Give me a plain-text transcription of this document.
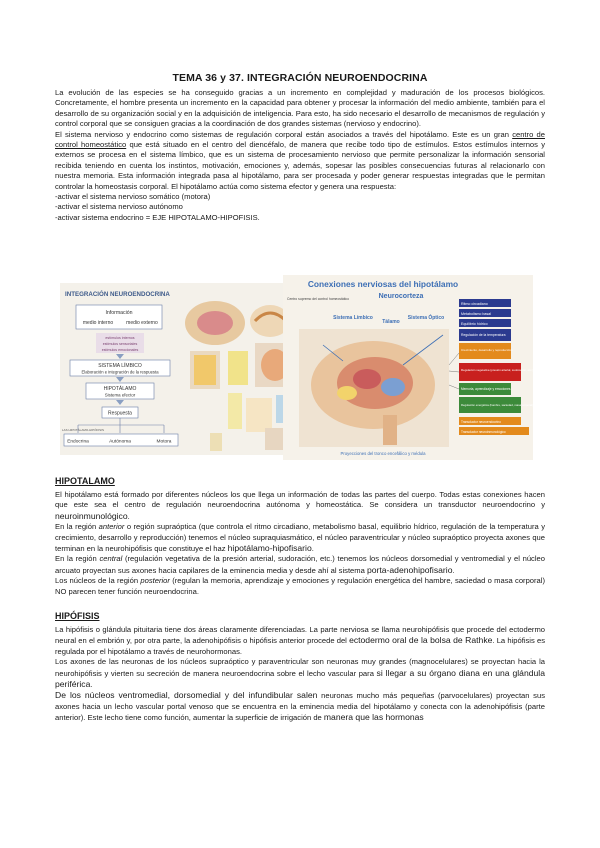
TEMA 36 y 37. INTEGRACIÓN NEUROENDOCRINA

La evolución de las especies se ha conseguido gracias a un incremento en complejidad y maduración de los procesos biológicos. Concretamente, el hombre presenta un incremento en la capacidad para obtener y procesar la información del medio ambiente, también para el desarrollo de su organización social y en la adquisición de inteligencia. Para esto, ha sido necesario el desarrollo de mecanismos de regulación y control corporal que se consiguen gracias a la coordinación de dos grandes sistemas (nervioso y endocrino).

El sistema nervioso y endocrino como sistemas de regulación corporal están asociados a través del hipotálamo. Este es un gran centro de control homeostático que está situado en el centro del diencéfalo, de manera que recibe todo tipo de estímulos. Estos estímulos internos y externos se procesa en el sistema límbico, que es un sistema de procesamiento nervioso que permite personalizar la información sensorial recibida teniendo en cuenta los instintos, motivación, emociones y, además, sopesar las posibles consecuencias futuras al relacionarlo con nuestra memoria. Esta información integrada pasa al hipotálamo, para ser procesada y poder generar respuestas integradas que le permitan controlar la homeostasis corporal. El hipotálamo actúa como sistema efector y genera una respuesta:

-activar el sistema nervioso somático (motora)
-activar el sistema nervioso autónomo
-activar sistema endocrino = EJE HIPOTALAMO-HIPOFISIS.
INTEGRACIÓN NEUROENDOCRINA
Información
medio interno	medio externo
estímulos internos
estímulos sensoriales
estímulos emocionales
SISTEMA LÍMBICO
Elaboración e integración de la respuesta
HIPOTÁLAMO
Sistema efector
Respuesta
LAS HIPOTÁLAMO-HIPÓFISIS
Endocrina	Autónoma	Motora
Conexiones nerviosas del hipotálamo
Neurocorteza
Centro supremo del control homeostático
Sistema Límbico
Tálamo
Sistema Óptico
Proyecciones del tronco encefálico y médula
Ritmo circadiano
Metabolismo basal
Equilibrio hídrico
Regulación de la temperatura
Crecimiento, desarrollo y reproducción
Regulación vegetativa (presión arterial, sudoración, etc.)
Memoria, aprendizaje y emociones
Regulación energética (hambre, saciedad, masa corporal)
Transductor neuroendocrino
Transductor neuroinmunológico
HIPOTALAMO

El hipotálamo está formado por diferentes núcleos los que llega un información de todas las partes del cuerpo. Todas estas conexiones hacen que este sea el centro de regulación neuroendocrina autónoma y homeostática. Se considera un transductor neuroendocrino y neuroinmunológico.

En la región anterior o región supraóptica (que controla el ritmo circadiano, metabolismo basal, equilibrio hídrico, regulación de la temperatura y crecimiento, desarrollo y reproducción) tenemos el núcleo supraquiasmático, el núcleo paraventricular y núcleo supraóptico proyecta axones que terminan en la neurohipófisis que constituye el haz hipotálamo-hipofisario.

En la región central (regulación vegetativa de la presión arterial, sudoración, etc.) tenemos los núcleos dorsomedial y ventromedial y el núcleo arcuato proyectan sus axones hacia capilares de la eminencia media y desde ahí al sistema porta-adenohipofisario.

Los núcleos de la región posterior (regulan la memoria, aprendizaje y emociones y regulación energética del hambre, saciedad o masa corporal) NO parecen tener función neuroendocrina.

HIPÓFISIS

La hipófisis o glándula pituitaria tiene dos áreas claramente diferenciadas. La parte nerviosa se llama neurohipófisis que procede del ectodermo neural en el embrión y, por otra parte, la adenohipófisis o hipófisis anterior procede del ectodermo oral de la bolsa de Rathke. La hipófisis es regulada por el hipotálamo a través de neurohormonas.

Los axones de las neuronas de los núcleos supraóptico y paraventricular son neuronas muy grandes (magnocelulares) se proyectan hacia la neurohipófisis y vierten su secreción de manera neuroendocrina sobre el lecho vascular para si llegar a su órgano diana en una glándula periférica.

De los núcleos ventromedial, dorsomedial y del infundibular salen neuronas mucho más pequeñas (parvocelulares) proyectan sus axones hacia un lecho vascular portal venoso que se encuentra en la eminencia media del hipotálamo y conecta con la adenohipófisis (parte anterior). Este lecho tiene como función, aumentar la superficie de irrigación de manera que las hormonas
